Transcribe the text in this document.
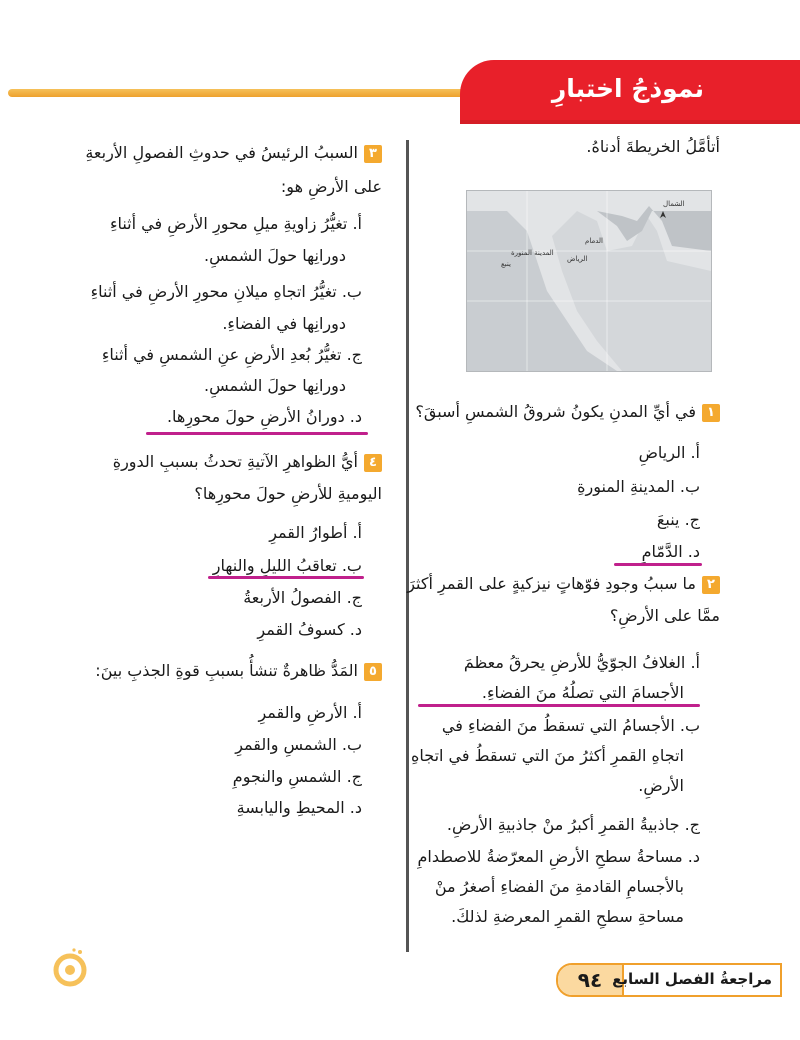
نموذجُ اختبارِ
أتأمَّلُ الخريطةَ أدناهُ.
١في أيِّ المدنِ يكونُ شروقُ الشمسِ أسبقَ؟
أ. الرياضِ
ب. المدينةِ المنورةِ
ج. ينبعَ
د. الدَّمّامِ
٢ما سببُ وجودِ فوّهاتٍ نيزكيةٍ على القمرِ أكثرَ
ممَّا على الأرضِ؟
أ. الغلافُ الجوّيُّ للأرضِ يحرقُ معظمَ
الأجسامَ التي تصلُهُ منَ الفضاءِ.
ب. الأجسامُ التي تسقطُ منَ الفضاءِ في
اتجاهِ القمرِ أكثرُ منَ التي تسقطُ في اتجاهِ
الأرضِ.
ج. جاذبيةُ القمرِ أكبرُ منْ جاذبيةِ الأرضِ.
د. مساحةُ سطحِ الأرضِ المعرّضةُ للاصطدامِ
بالأجسامِ القادمةِ منَ الفضاءِ أصغرُ منْ
مساحةِ سطحِ القمرِ المعرضةِ لذلكَ.
الشمال
الدمام
الرياض
المدينة المنورة
ينبع
٣السببُ الرئيسُ في حدوثِ الفصولِ الأربعةِ
على الأرضِ هو:
أ. تغيُّرُ زاويةِ ميلِ محورِ الأرضِ في أثناءِ
دورانِها حولَ الشمسِ.
ب. تغيُّرُ اتجاهِ ميلانِ محورِ الأرضِ في أثناءِ
دورانِها في الفضاءِ.
ج. تغيُّرُ بُعدِ الأرضِ عنِ الشمسِ في أثناءِ
دورانِها حولَ الشمسِ.
د. دورانُ الأرضِ حولَ محورِها.
٤أيُّ الظواهرِ الآتيةِ تحدثُ بسببِ الدورةِ
اليوميةِ للأرضِ حولَ محورِها؟
أ. أطوارُ القمرِ
ب. تعاقبُ الليلِ والنهارِ
ج. الفصولُ الأربعةُ
د. كسوفُ القمرِ
٥المَدُّ ظاهرةٌ تنشأُ بسببِ قوةِ الجذبِ بينَ:
أ. الأرضِ والقمرِ
ب. الشمسِ والقمرِ
ج. الشمسِ والنجومِ
د. المحيطِ واليابسةِ
٩٤ مراجعةُ الفصل السابع
